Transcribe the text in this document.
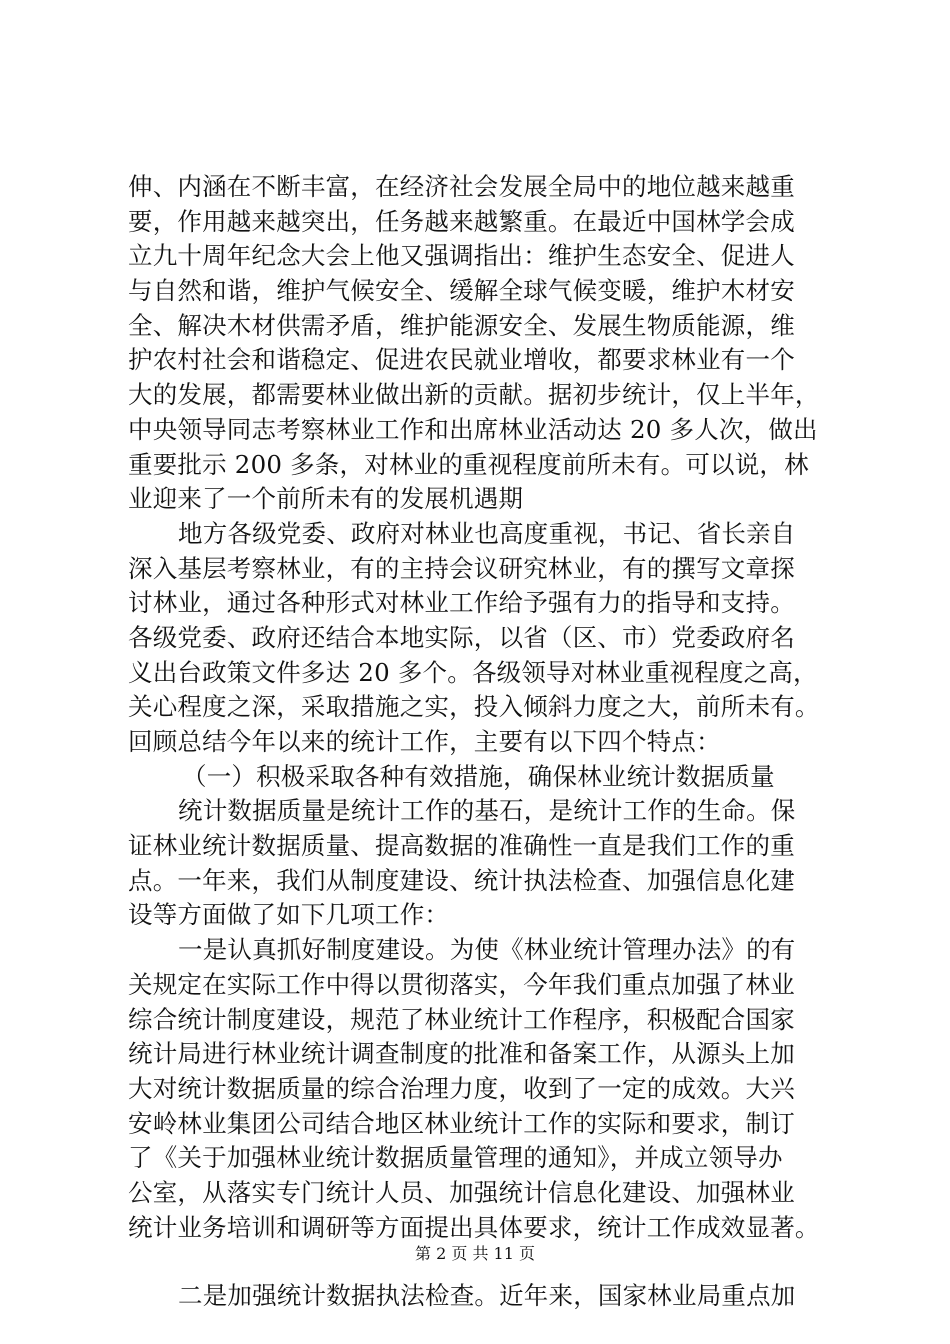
伸、内涵在不断丰富，在经济社会发展全局中的地位越来越重
要，作用越来越突出，任务越来越繁重。在最近中国林学会成
立九十周年纪念大会上他又强调指出：维护生态安全、促进人
与自然和谐，维护气候安全、缓解全球气候变暖，维护木材安
全、解决木材供需矛盾，维护能源安全、发展生物质能源，维
护农村社会和谐稳定、促进农民就业增收，都要求林业有一个
大的发展，都需要林业做出新的贡献。据初步统计，仅上半年，
中央领导同志考察林业工作和出席林业活动达 20 多人次，做出
重要批示 200 多条，对林业的重视程度前所未有。可以说，林
业迎来了一个前所未有的发展机遇期
地方各级党委、政府对林业也高度重视，书记、省长亲自
深入基层考察林业，有的主持会议研究林业，有的撰写文章探
讨林业，通过各种形式对林业工作给予强有力的指导和支持。
各级党委、政府还结合本地实际，以省（区、市）党委政府名
义出台政策文件多达 20 多个。各级领导对林业重视程度之高，
关心程度之深，采取措施之实，投入倾斜力度之大，前所未有。
回顾总结今年以来的统计工作，主要有以下四个特点：
（一）积极采取各种有效措施，确保林业统计数据质量
统计数据质量是统计工作的基石，是统计工作的生命。保
证林业统计数据质量、提高数据的准确性一直是我们工作的重
点。一年来，我们从制度建设、统计执法检查、加强信息化建
设等方面做了如下几项工作：
一是认真抓好制度建设。为使《林业统计管理办法》的有
关规定在实际工作中得以贯彻落实，今年我们重点加强了林业
综合统计制度建设，规范了林业统计工作程序，积极配合国家
统计局进行林业统计调查制度的批准和备案工作，从源头上加
大对统计数据质量的综合治理力度，收到了一定的成效。大兴
安岭林业集团公司结合地区林业统计工作的实际和要求，制订
了《关于加强林业统计数据质量管理的通知》，并成立领导办
公室，从落实专门统计人员、加强统计信息化建设、加强林业
统计业务培训和调研等方面提出具体要求，统计工作成效显著。
二是加强统计数据执法检查。近年来，国家林业局重点加
第 2 页 共 11 页
